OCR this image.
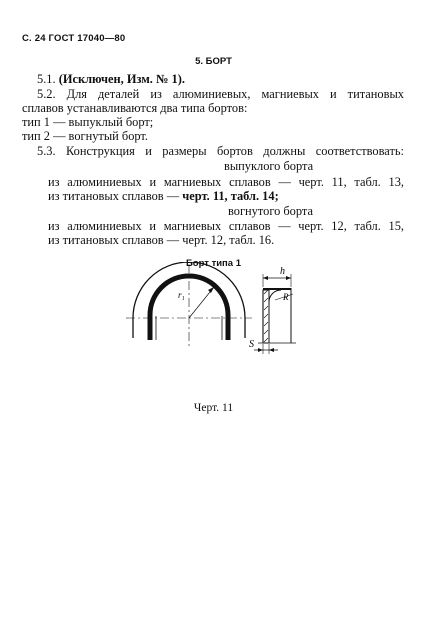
С. 24 ГОСТ 17040—80
5. БОРТ
5.1. (Исключен, Изм. № 1).
5.2. Для деталей из алюминиевых, магниевых и титановых
сплавов устанавливаются два типа бортов:
тип 1 — выпуклый борт;
тип 2 — вогнутый борт.
5.3. Конструкция и размеры бортов должны соответствовать:
выпуклого борта
из алюминиевых и магниевых сплавов — черт. 11, табл. 13,
из титановых сплавов — черт. 11, табл. 14;
вогнутого борта
из алюминиевых и магниевых сплавов — черт. 12, табл. 15,
из титановых сплавов — черт. 12, табл. 16.
Борт типа 1
r₁
h
R
S
Черт. 11
